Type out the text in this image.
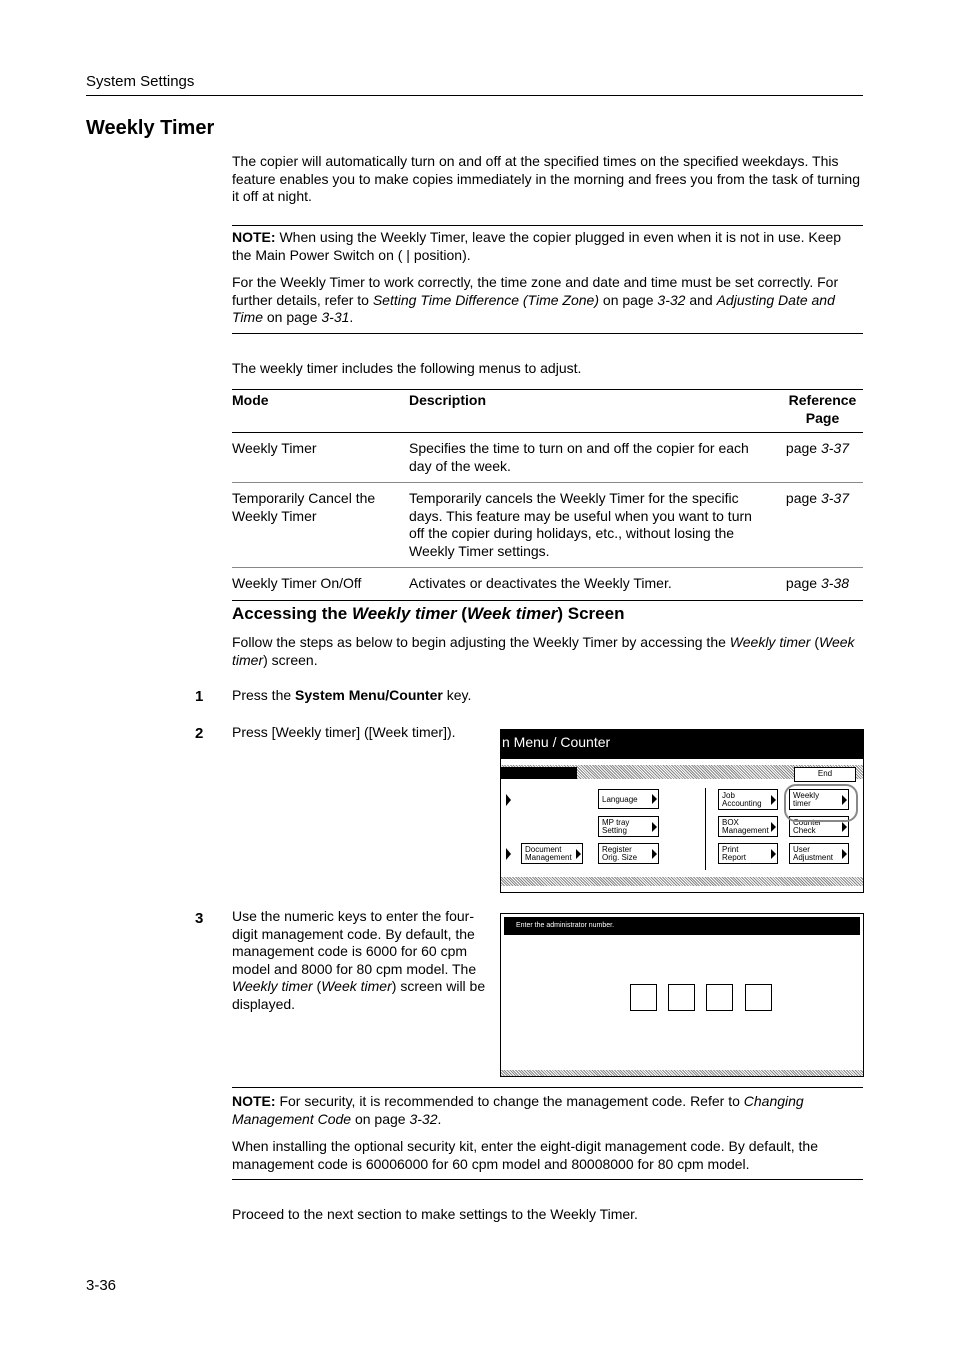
System Settings
Weekly Timer
The copier will automatically turn on and off at the specified times on the specified weekdays. This feature enables you to make copies immediately in the morning and frees you from the task of turning it off at night.
NOTE: When using the Weekly Timer, leave the copier plugged in even when it is not in use. Keep the Main Power Switch on ( | position).
For the Weekly Timer to work correctly, the time zone and date and time must be set correctly. For further details, refer to Setting Time Difference (Time Zone) on page 3-32 and Adjusting Date and Time on page 3-31.
The weekly timer includes the following menus to adjust.
Mode	Description	Reference
Page
Weekly Timer	Specifies the time to turn on and off the copier for each day of the week.	page 3-37
Temporarily Cancel the Weekly Timer	Temporarily cancels the Weekly Timer for the specific days. This feature may be useful when you want to turn off the copier during holidays, etc., without losing the Weekly Timer settings.	page 3-37
Weekly Timer On/Off	Activates or deactivates the Weekly Timer.	page 3-38
Accessing the Weekly timer (Week timer) Screen
Follow the steps as below to begin adjusting the Weekly Timer by accessing the Weekly timer (Week timer) screen.
1 Press the System Menu/Counter key.
2 Press [Weekly timer] ([Week timer]).
n Menu / Counter
End
Language
MP tray
Setting
Document
Management
Register
Orig. Size
Job
Accounting
Weekly
timer
BOX
Management
Counter
Check
Print
Report
User
Adjustment
3 Use the numeric keys to enter the four-digit management code. By default, the management code is 6000 for 60 cpm model and 8000 for 80 cpm model. The Weekly timer (Week timer) screen will be displayed.
Enter the administrator number.
NOTE: For security, it is recommended to change the management code. Refer to Changing Management Code on page 3-32.
When installing the optional security kit, enter the eight-digit management code. By default, the management code is 60006000 for 60 cpm model and 80008000 for 80 cpm model.
Proceed to the next section to make settings to the Weekly Timer.
3-36
